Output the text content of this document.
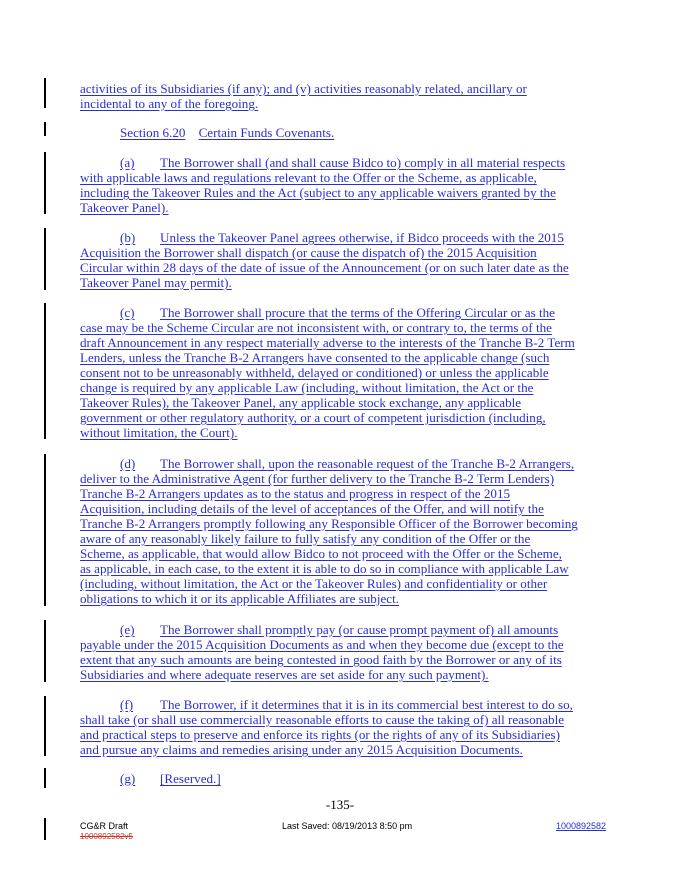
activities of its Subsidiaries (if any); and (v) activities reasonably related, ancillary or
incidental to any of the foregoing.
Section 6.20 Certain Funds Covenants.
(a) The Borrower shall (and shall cause Bidco to) comply in all material respects
with applicable laws and regulations relevant to the Offer or the Scheme, as applicable,
including the Takeover Rules and the Act (subject to any applicable waivers granted by the
Takeover Panel).
(b) Unless the Takeover Panel agrees otherwise, if Bidco proceeds with the 2015
Acquisition the Borrower shall dispatch (or cause the dispatch of) the 2015 Acquisition
Circular within 28 days of the date of issue of the Announcement (or on such later date as the
Takeover Panel may permit).
(c) The Borrower shall procure that the terms of the Offering Circular or as the
case may be the Scheme Circular are not inconsistent with, or contrary to, the terms of the
draft Announcement in any respect materially adverse to the interests of the Tranche B-2 Term
Lenders, unless the Tranche B-2 Arrangers have consented to the applicable change (such
consent not to be unreasonably withheld, delayed or conditioned) or unless the applicable
change is required by any applicable Law (including, without limitation, the Act or the
Takeover Rules), the Takeover Panel, any applicable stock exchange, any applicable
government or other regulatory authority, or a court of competent jurisdiction (including,
without limitation, the Court).
(d) The Borrower shall, upon the reasonable request of the Tranche B-2 Arrangers,
deliver to the Administrative Agent (for further delivery to the Tranche B-2 Term Lenders)
Tranche B-2 Arrangers updates as to the status and progress in respect of the 2015
Acquisition, including details of the level of acceptances of the Offer, and will notify the
Tranche B-2 Arrangers promptly following any Responsible Officer of the Borrower becoming
aware of any reasonably likely failure to fully satisfy any condition of the Offer or the
Scheme, as applicable, that would allow Bidco to not proceed with the Offer or the Scheme,
as applicable, in each case, to the extent it is able to do so in compliance with applicable Law
(including, without limitation, the Act or the Takeover Rules) and confidentiality or other
obligations to which it or its applicable Affiliates are subject.
(e) The Borrower shall promptly pay (or cause prompt payment of) all amounts
payable under the 2015 Acquisition Documents as and when they become due (except to the
extent that any such amounts are being contested in good faith by the Borrower or any of its
Subsidiaries and where adequate reserves are set aside for any such payment).
(f) The Borrower, if it determines that it is in its commercial best interest to do so,
shall take (or shall use commercially reasonable efforts to cause the taking of) all reasonable
and practical steps to preserve and enforce its rights (or the rights of any of its Subsidiaries)
and pursue any claims and remedies arising under any 2015 Acquisition Documents.
(g) [Reserved.]
-135-
CG&R Draft
1000892582v5
Last Saved: 08/19/2013 8:50 pm	1000892582
